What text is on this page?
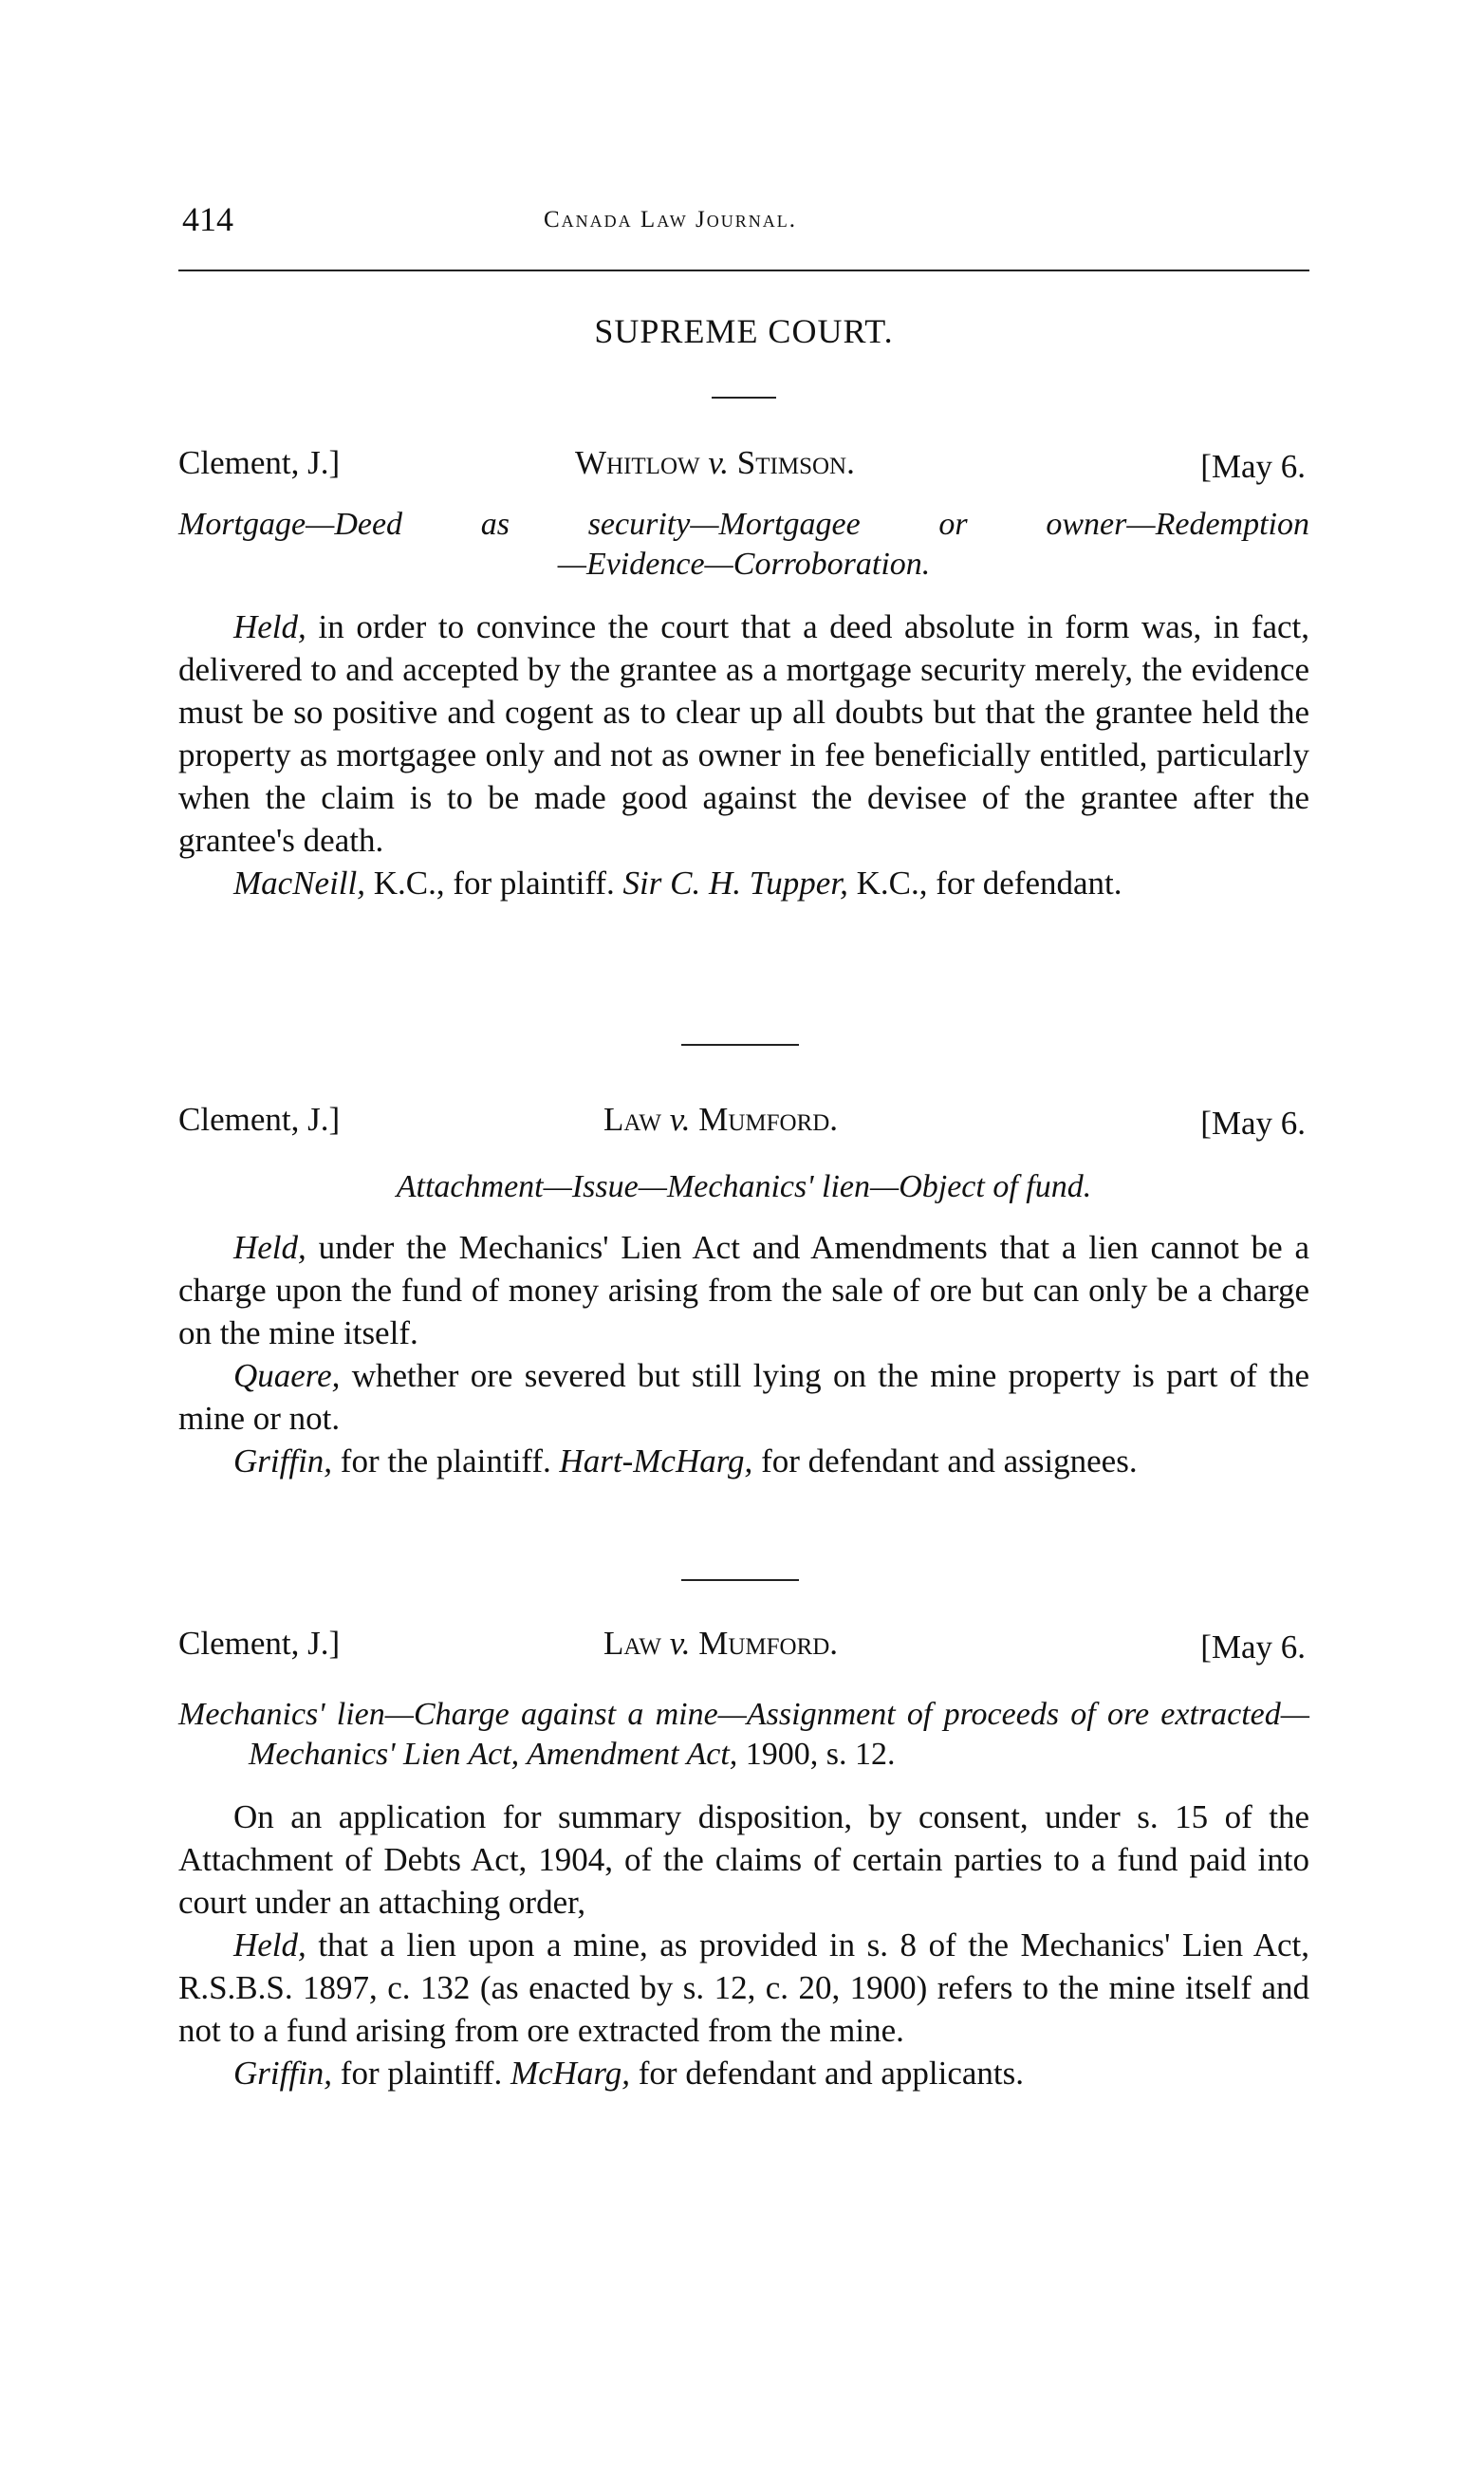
414	Canada Law Journal.
SUPREME COURT.
Clement, J.]	Whitlow v. Stimson.	[May 6.
Mortgage—Deed as security—Mortgagee or owner—Redemption
—Evidence—Corroboration.

Held, in order to convince the court that a deed absolute in form was, in fact, delivered to and accepted by the grantee as a mortgage security merely, the evidence must be so positive and cogent as to clear up all doubts but that the grantee held the property as mortgagee only and not as owner in fee beneficially entitled, particularly when the claim is to be made good against the devisee of the grantee after the grantee's death.

MacNeill, K.C., for plaintiff. Sir C. H. Tupper, K.C., for defendant.

Clement, J.]	Law v. Mumford.	[May 6.
Attachment—Issue—Mechanics' lien—Object of fund.

Held, under the Mechanics' Lien Act and Amendments that a lien cannot be a charge upon the fund of money arising from the sale of ore but can only be a charge on the mine itself.

Quaere, whether ore severed but still lying on the mine property is part of the mine or not.

Griffin, for the plaintiff. Hart-McHarg, for defendant and assignees.

Clement, J.]	Law v. Mumford.	[May 6.
Mechanics' lien—Charge against a mine—Assignment of proceeds of ore extracted—Mechanics' Lien Act, Amendment Act, 1900, s. 12.

On an application for summary disposition, by consent, under s. 15 of the Attachment of Debts Act, 1904, of the claims of certain parties to a fund paid into court under an attaching order,

Held, that a lien upon a mine, as provided in s. 8 of the Mechanics' Lien Act, R.S.B.S. 1897, c. 132 (as enacted by s. 12, c. 20, 1900) refers to the mine itself and not to a fund arising from ore extracted from the mine.

Griffin, for plaintiff. McHarg, for defendant and applicants.
